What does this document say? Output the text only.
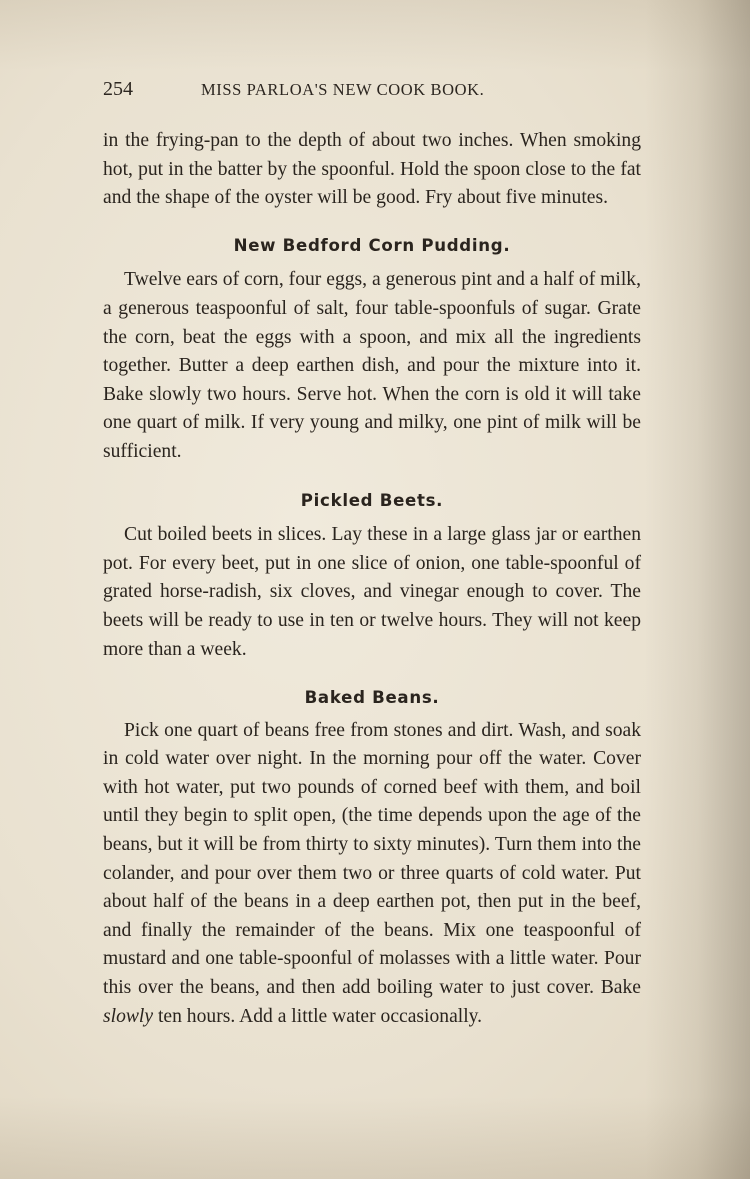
254	MISS PARLOA'S NEW COOK BOOK.

in the frying-pan to the depth of about two inches. When smoking hot, put in the batter by the spoonful. Hold the spoon close to the fat and the shape of the oyster will be good. Fry about five minutes.

New Bedford Corn Pudding.

Twelve ears of corn, four eggs, a generous pint and a half of milk, a generous teaspoonful of salt, four table-spoonfuls of sugar. Grate the corn, beat the eggs with a spoon, and mix all the ingredients together. Butter a deep earthen dish, and pour the mixture into it. Bake slowly two hours. Serve hot. When the corn is old it will take one quart of milk. If very young and milky, one pint of milk will be sufficient.

Pickled Beets.

Cut boiled beets in slices. Lay these in a large glass jar or earthen pot. For every beet, put in one slice of onion, one table-spoonful of grated horse-radish, six cloves, and vinegar enough to cover. The beets will be ready to use in ten or twelve hours. They will not keep more than a week.

Baked Beans.

Pick one quart of beans free from stones and dirt. Wash, and soak in cold water over night. In the morning pour off the water. Cover with hot water, put two pounds of corned beef with them, and boil until they begin to split open, (the time depends upon the age of the beans, but it will be from thirty to sixty minutes). Turn them into the colander, and pour over them two or three quarts of cold water. Put about half of the beans in a deep earthen pot, then put in the beef, and finally the remainder of the beans. Mix one teaspoonful of mustard and one table-spoonful of molasses with a little water. Pour this over the beans, and then add boiling water to just cover. Bake slowly ten hours. Add a little water occasionally.
